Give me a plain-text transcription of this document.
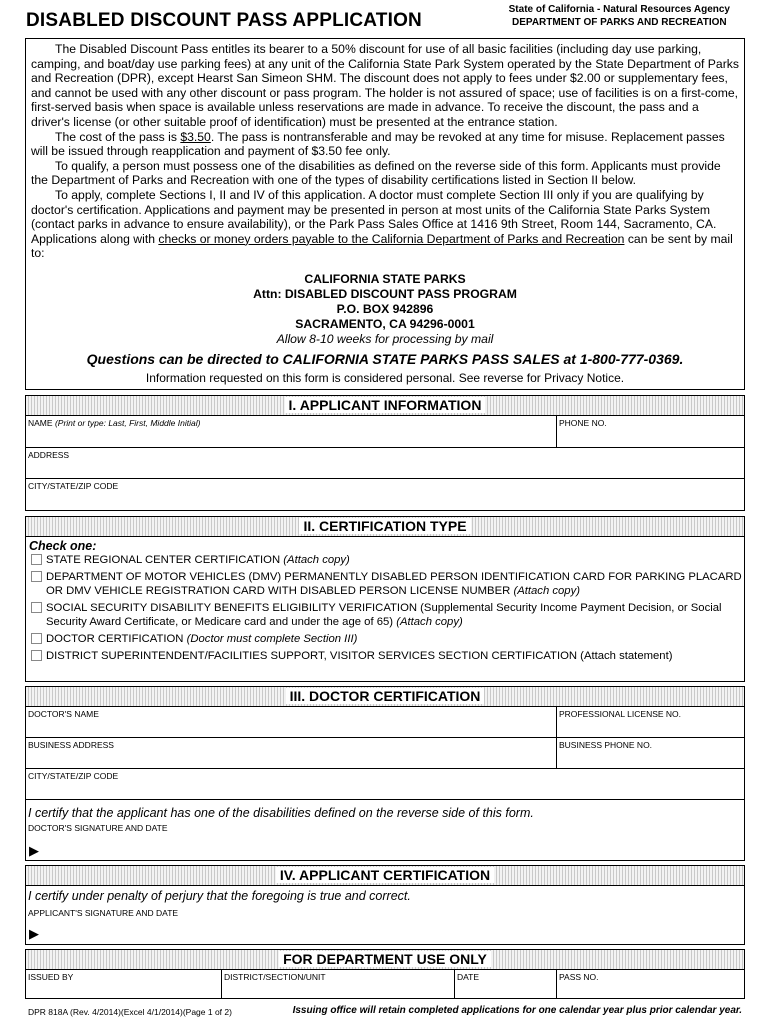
DISABLED DISCOUNT PASS APPLICATION
State of California - Natural Resources Agency
DEPARTMENT OF PARKS AND RECREATION

The Disabled Discount Pass entitles its bearer to a 50% discount for use of all basic facilities (including day use parking, camping, and boat/day use parking fees) at any unit of the California State Park System operated by the State Department of Parks and Recreation (DPR), except Hearst San Simeon SHM. The discount does not apply to fees under $2.00 or supplementary fees, and cannot be used with any other discount or pass program. The holder is not assured of space; use of facilities is on a first-come, first-served basis when space is available unless reservations are made in advance. To receive the discount, the pass and a driver's license (or other suitable proof of identification) must be presented at the entrance station.

The cost of the pass is $3.50. The pass is nontransferable and may be revoked at any time for misuse. Replacement passes will be issued through reapplication and payment of $3.50 fee only.

To qualify, a person must possess one of the disabilities as defined on the reverse side of this form. Applicants must provide the Department of Parks and Recreation with one of the types of disability certifications listed in Section II below.

To apply, complete Sections I, II and IV of this application. A doctor must complete Section III only if you are qualifying by doctor's certification. Applications and payment may be presented in person at most units of the California State Parks System (contact parks in advance to ensure availability), or the Park Pass Sales Office at 1416 9th Street, Room 144, Sacramento, CA. Applications along with checks or money orders payable to the California Department of Parks and Recreation can be sent by mail to:

CALIFORNIA STATE PARKS
Attn: DISABLED DISCOUNT PASS PROGRAM
P.O. BOX 942896
SACRAMENTO, CA 94296-0001
Allow 8-10 weeks for processing by mail
Questions can be directed to CALIFORNIA STATE PARKS PASS SALES at 1-800-777-0369.
Information requested on this form is considered personal. See reverse for Privacy Notice.
I. APPLICANT INFORMATION
NAME (Print or type: Last, First, Middle Initial)	PHONE NO.
ADDRESS
CITY/STATE/ZIP CODE
II. CERTIFICATION TYPE
Check one:
STATE REGIONAL CENTER CERTIFICATION (Attach copy)
DEPARTMENT OF MOTOR VEHICLES (DMV) PERMANENTLY DISABLED PERSON IDENTIFICATION CARD FOR PARKING PLACARD OR DMV VEHICLE REGISTRATION CARD WITH DISABLED PERSON LICENSE NUMBER (Attach copy)
SOCIAL SECURITY DISABILITY BENEFITS ELIGIBILITY VERIFICATION (Supplemental Security Income Payment Decision, or Social Security Award Certificate, or Medicare card and under the age of 65) (Attach copy)
DOCTOR CERTIFICATION (Doctor must complete Section III)
DISTRICT SUPERINTENDENT/FACILITIES SUPPORT, VISITOR SERVICES SECTION CERTIFICATION (Attach statement)
III. DOCTOR CERTIFICATION
DOCTOR'S NAME	PROFESSIONAL LICENSE NO.
BUSINESS ADDRESS	BUSINESS PHONE NO.
CITY/STATE/ZIP CODE
I certify that the applicant has one of the disabilities defined on the reverse side of this form.
DOCTOR'S SIGNATURE AND DATE
▶
IV. APPLICANT CERTIFICATION
I certify under penalty of perjury that the foregoing is true and correct.
APPLICANT'S SIGNATURE AND DATE
▶
FOR DEPARTMENT USE ONLY
ISSUED BY	DISTRICT/SECTION/UNIT	DATE	PASS NO.
DPR 818A (Rev. 4/2014)(Excel 4/1/2014)(Page 1 of 2)	Issuing office will retain completed applications for one calendar year plus prior calendar year.
